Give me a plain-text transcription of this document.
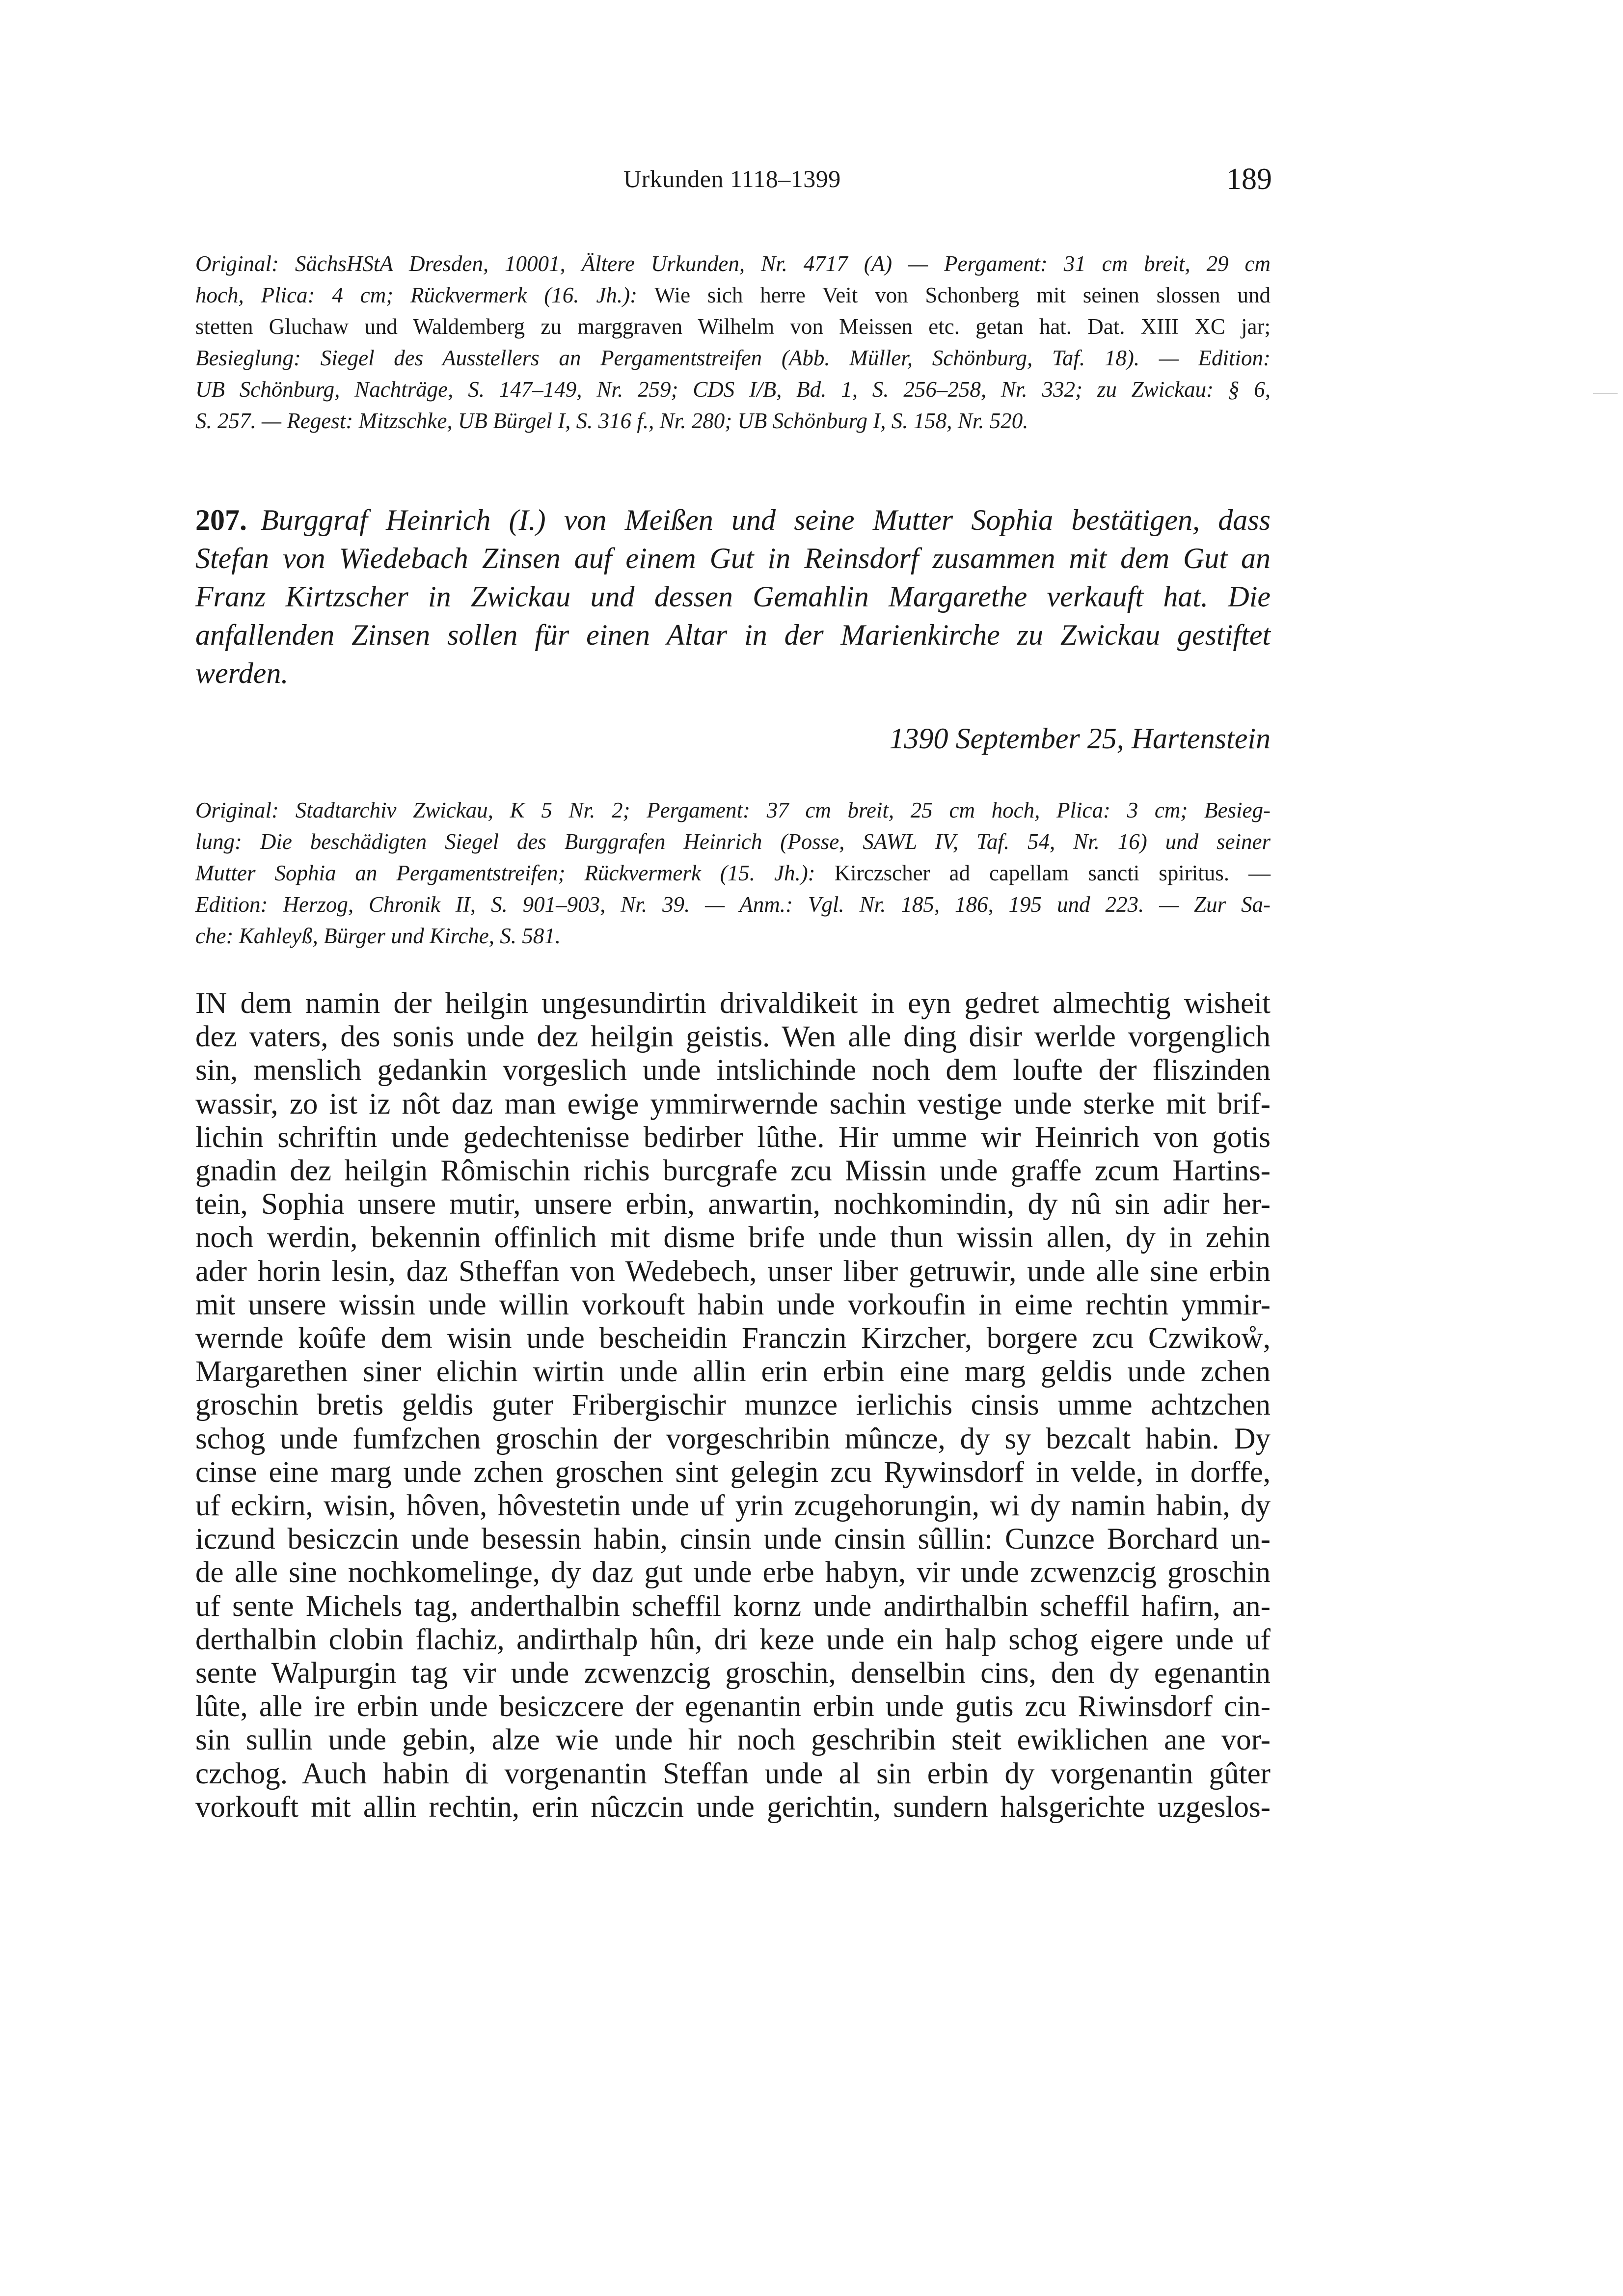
Urkunden 1118–1399	189
Original: SächsHStA Dresden, 10001, Ältere Urkunden, Nr. 4717 (A) — Pergament: 31 cm breit, 29 cm
hoch, Plica: 4 cm; Rückvermerk (16. Jh.): Wie sich herre Veit von Schonberg mit seinen slossen und
stetten Gluchaw und Waldemberg zu marggraven Wilhelm von Meissen etc. getan hat. Dat. XIII XC jar;
Besieglung: Siegel des Ausstellers an Pergamentstreifen (Abb. Müller, Schönburg, Taf. 18). — Edition:
UB Schönburg, Nachträge, S. 147–149, Nr. 259; CDS I/B, Bd. 1, S. 256–258, Nr. 332; zu Zwickau: § 6,
S. 257. — Regest: Mitzschke, UB Bürgel I, S. 316 f., Nr. 280; UB Schönburg I, S. 158, Nr. 520.
207. Burggraf Heinrich (I.) von Meißen und seine Mutter Sophia bestätigen, dass
Stefan von Wiedebach Zinsen auf einem Gut in Reinsdorf zusammen mit dem Gut an
Franz Kirtzscher in Zwickau und dessen Gemahlin Margarethe verkauft hat. Die
anfallenden Zinsen sollen für einen Altar in der Marienkirche zu Zwickau gestiftet
werden.
1390 September 25, Hartenstein
Original: Stadtarchiv Zwickau, K 5 Nr. 2; Pergament: 37 cm breit, 25 cm hoch, Plica: 3 cm; Besieg-
lung: Die beschädigten Siegel des Burggrafen Heinrich (Posse, SAWL IV, Taf. 54, Nr. 16) und seiner
Mutter Sophia an Pergamentstreifen; Rückvermerk (15. Jh.): Kirczscher ad capellam sancti spiritus. —
Edition: Herzog, Chronik II, S. 901–903, Nr. 39. — Anm.: Vgl. Nr. 185, 186, 195 und 223. — Zur Sa-
che: Kahleyß, Bürger und Kirche, S. 581.
IN dem namin der heilgin ungesundirtin drivaldikeit in eyn gedret almechtig wisheit
dez vaters, des sonis unde dez heilgin geistis. Wen alle ding disir werlde vorgenglich
sin, menslich gedankin vorgeslich unde intslichinde noch dem loufte der fliszinden
wassir, zo ist iz nôt daz man ewige ymmirwernde sachin vestige unde sterke mit brif-
lichin schriftin unde gedechtenisse bedirber lûthe. Hir umme wir Heinrich von gotis
gnadin dez heilgin Rômischin richis burcgrafe zcu Missin unde graffe zcum Hartins-
tein, Sophia unsere mutir, unsere erbin, anwartin, nochkomindin, dy nû sin adir her-
noch werdin, bekennin offinlich mit disme brife unde thun wissin allen, dy in zehin
ader horin lesin, daz Stheffan von Wedebech, unser liber getruwir, unde alle sine erbin
mit unsere wissin unde willin vorkouft habin unde vorkoufin in eime rechtin ymmir-
wernde koûfe dem wisin unde bescheidin Franczin Kirzcher, borgere zcu Czwikoẘ,
Margarethen siner elichin wirtin unde allin erin erbin eine marg geldis unde zchen
groschin bretis geldis guter Fribergischir munzce ierlichis cinsis umme achtzchen
schog unde fumfzchen groschin der vorgeschribin mûncze, dy sy bezcalt habin. Dy
cinse eine marg unde zchen groschen sint gelegin zcu Rywinsdorf in velde, in dorffe,
uf eckirn, wisin, hôven, hôvestetin unde uf yrin zcugehorungin, wi dy namin habin, dy
iczund besiczcin unde besessin habin, cinsin unde cinsin sûllin: Cunzce Borchard un-
de alle sine nochkomelinge, dy daz gut unde erbe habyn, vir unde zcwenzcig groschin
uf sente Michels tag, anderthalbin scheffil kornz unde andirthalbin scheffil hafirn, an-
derthalbin clobin flachiz, andirthalp hûn, dri keze unde ein halp schog eigere unde uf
sente Walpurgin tag vir unde zcwenzcig groschin, denselbin cins, den dy egenantin
lûte, alle ire erbin unde besiczcere der egenantin erbin unde gutis zcu Riwinsdorf cin-
sin sullin unde gebin, alze wie unde hir noch geschribin steit ewiklichen ane vor-
czchog. Auch habin di vorgenantin Steffan unde al sin erbin dy vorgenantin gûter
vorkouft mit allin rechtin, erin nûczcin unde gerichtin, sundern halsgerichte uzgeslos-
